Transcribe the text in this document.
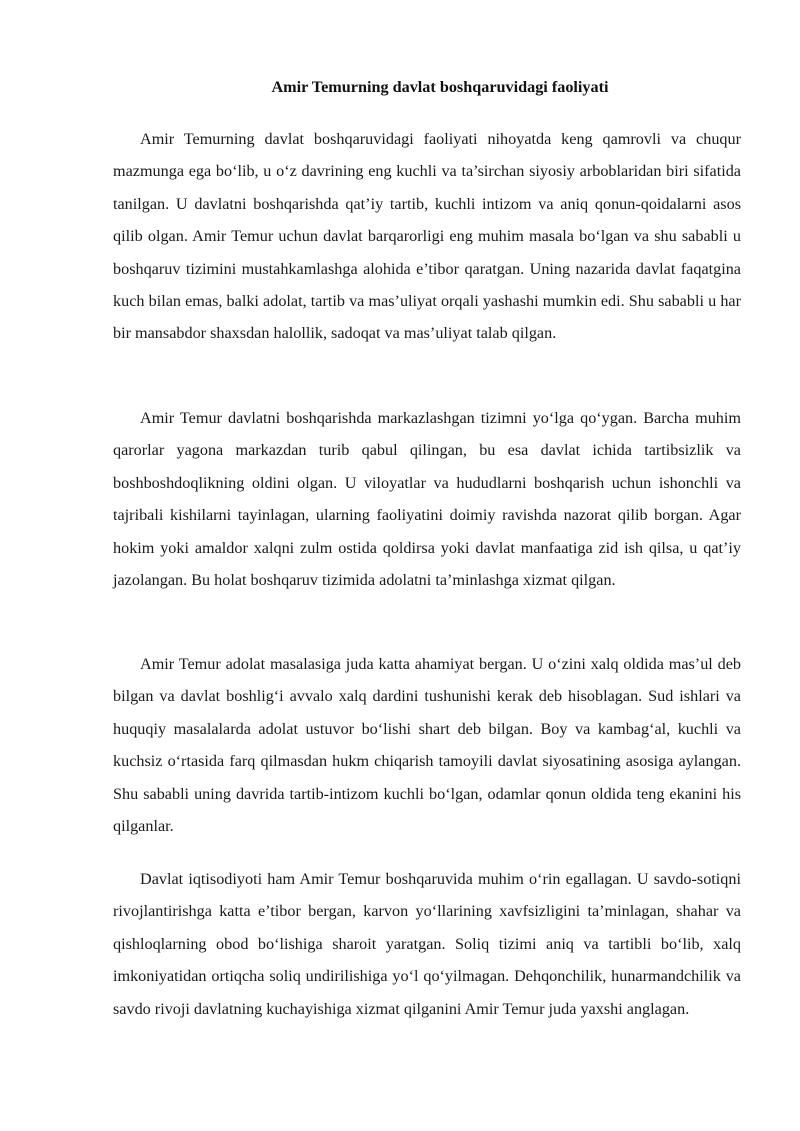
Amir Temurning davlat boshqaruvidagi faoliyati

Amir Temurning davlat boshqaruvidagi faoliyati nihoyatda keng qamrovli va chuqur mazmunga ega bo‘lib, u o‘z davrining eng kuchli va ta’sirchan siyosiy arboblaridan biri sifatida tanilgan. U davlatni boshqarishda qat’iy tartib, kuchli intizom va aniq qonun-qoidalarni asos qilib olgan. Amir Temur uchun davlat barqarorligi eng muhim masala bo‘lgan va shu sababli u boshqaruv tizimini mustahkamlashga alohida e’tibor qaratgan. Uning nazarida davlat faqatgina kuch bilan emas, balki adolat, tartib va mas’uliyat orqali yashashi mumkin edi. Shu sababli u har bir mansabdor shaxsdan halollik, sadoqat va mas’uliyat talab qilgan.

Amir Temur davlatni boshqarishda markazlashgan tizimni yo‘lga qo‘ygan. Barcha muhim qarorlar yagona markazdan turib qabul qilingan, bu esa davlat ichida tartibsizlik va boshboshdoqlikning oldini olgan. U viloyatlar va hududlarni boshqarish uchun ishonchli va tajribali kishilarni tayinlagan, ularning faoliyatini doimiy ravishda nazorat qilib borgan. Agar hokim yoki amaldor xalqni zulm ostida qoldirsa yoki davlat manfaatiga zid ish qilsa, u qat’iy jazolangan. Bu holat boshqaruv tizimida adolatni ta’minlashga xizmat qilgan.

Amir Temur adolat masalasiga juda katta ahamiyat bergan. U o‘zini xalq oldida mas’ul deb bilgan va davlat boshlig‘i avvalo xalq dardini tushunishi kerak deb hisoblagan. Sud ishlari va huquqiy masalalarda adolat ustuvor bo‘lishi shart deb bilgan. Boy va kambag‘al, kuchli va kuchsiz o‘rtasida farq qilmasdan hukm chiqarish tamoyili davlat siyosatining asosiga aylangan. Shu sababli uning davrida tartib-intizom kuchli bo‘lgan, odamlar qonun oldida teng ekanini his qilganlar.

Davlat iqtisodiyoti ham Amir Temur boshqaruvida muhim o‘rin egallagan. U savdo-sotiqni rivojlantirishga katta e’tibor bergan, karvon yo‘llarining xavfsizligini ta’minlagan, shahar va qishloqlarning obod bo‘lishiga sharoit yaratgan. Soliq tizimi aniq va tartibli bo‘lib, xalq imkoniyatidan ortiqcha soliq undirilishiga yo‘l qo‘yilmagan. Dehqonchilik, hunarmandchilik va savdo rivoji davlatning kuchayishiga xizmat qilganini Amir Temur juda yaxshi anglagan.
